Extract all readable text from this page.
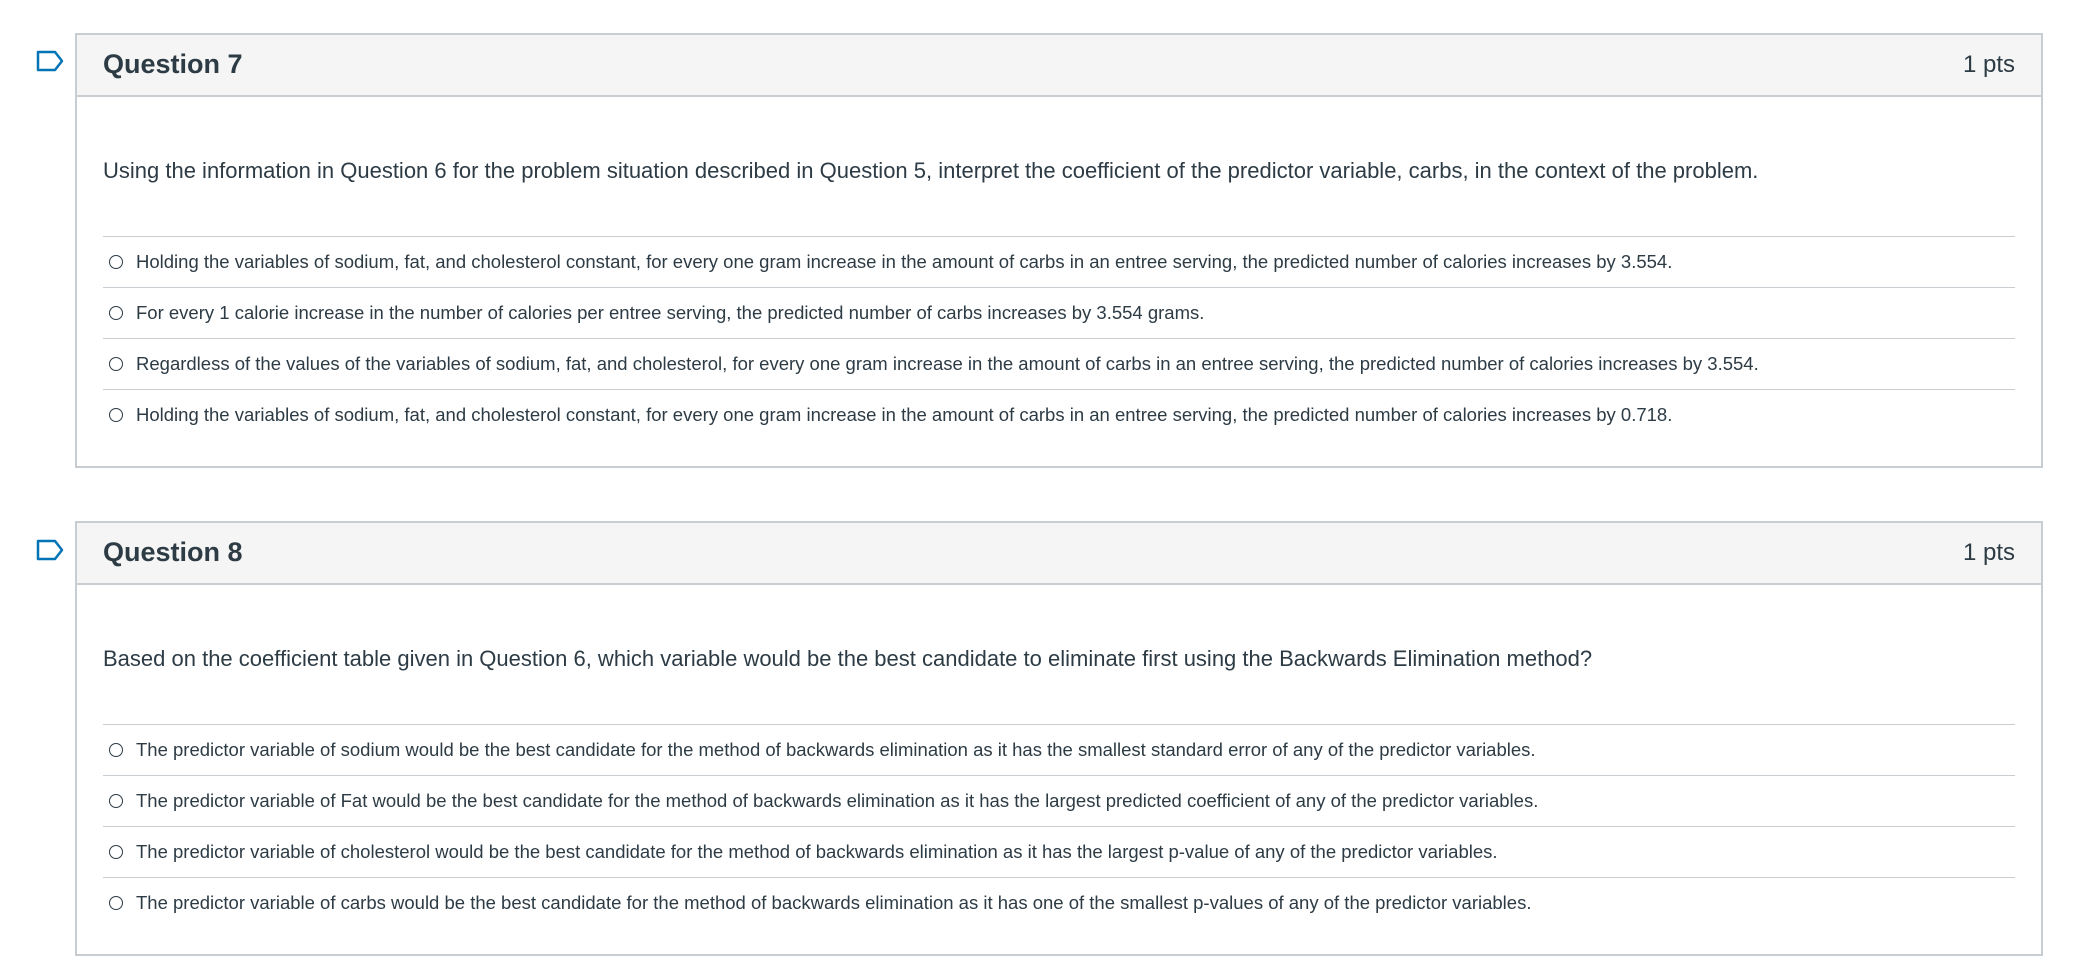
Question 7	1 pts
Using the information in Question 6 for the problem situation described in Question 5, interpret the coefficient of the predictor variable, carbs, in the context of the problem.
Holding the variables of sodium, fat, and cholesterol constant, for every one gram increase in the amount of carbs in an entree serving, the predicted number of calories increases by 3.554.
For every 1 calorie increase in the number of calories per entree serving, the predicted number of carbs increases by 3.554 grams.
Regardless of the values of the variables of sodium, fat, and cholesterol, for every one gram increase in the amount of carbs in an entree serving, the predicted number of calories increases by 3.554.
Holding the variables of sodium, fat, and cholesterol constant, for every one gram increase in the amount of carbs in an entree serving, the predicted number of calories increases by 0.718.
Question 8	1 pts
Based on the coefficient table given in Question 6, which variable would be the best candidate to eliminate first using the Backwards Elimination method?
The predictor variable of sodium would be the best candidate for the method of backwards elimination as it has the smallest standard error of any of the predictor variables.
The predictor variable of Fat would be the best candidate for the method of backwards elimination as it has the largest predicted coefficient of any of the predictor variables.
The predictor variable of cholesterol would be the best candidate for the method of backwards elimination as it has the largest p-value of any of the predictor variables.
The predictor variable of carbs would be the best candidate for the method of backwards elimination as it has one of the smallest p-values of any of the predictor variables.
